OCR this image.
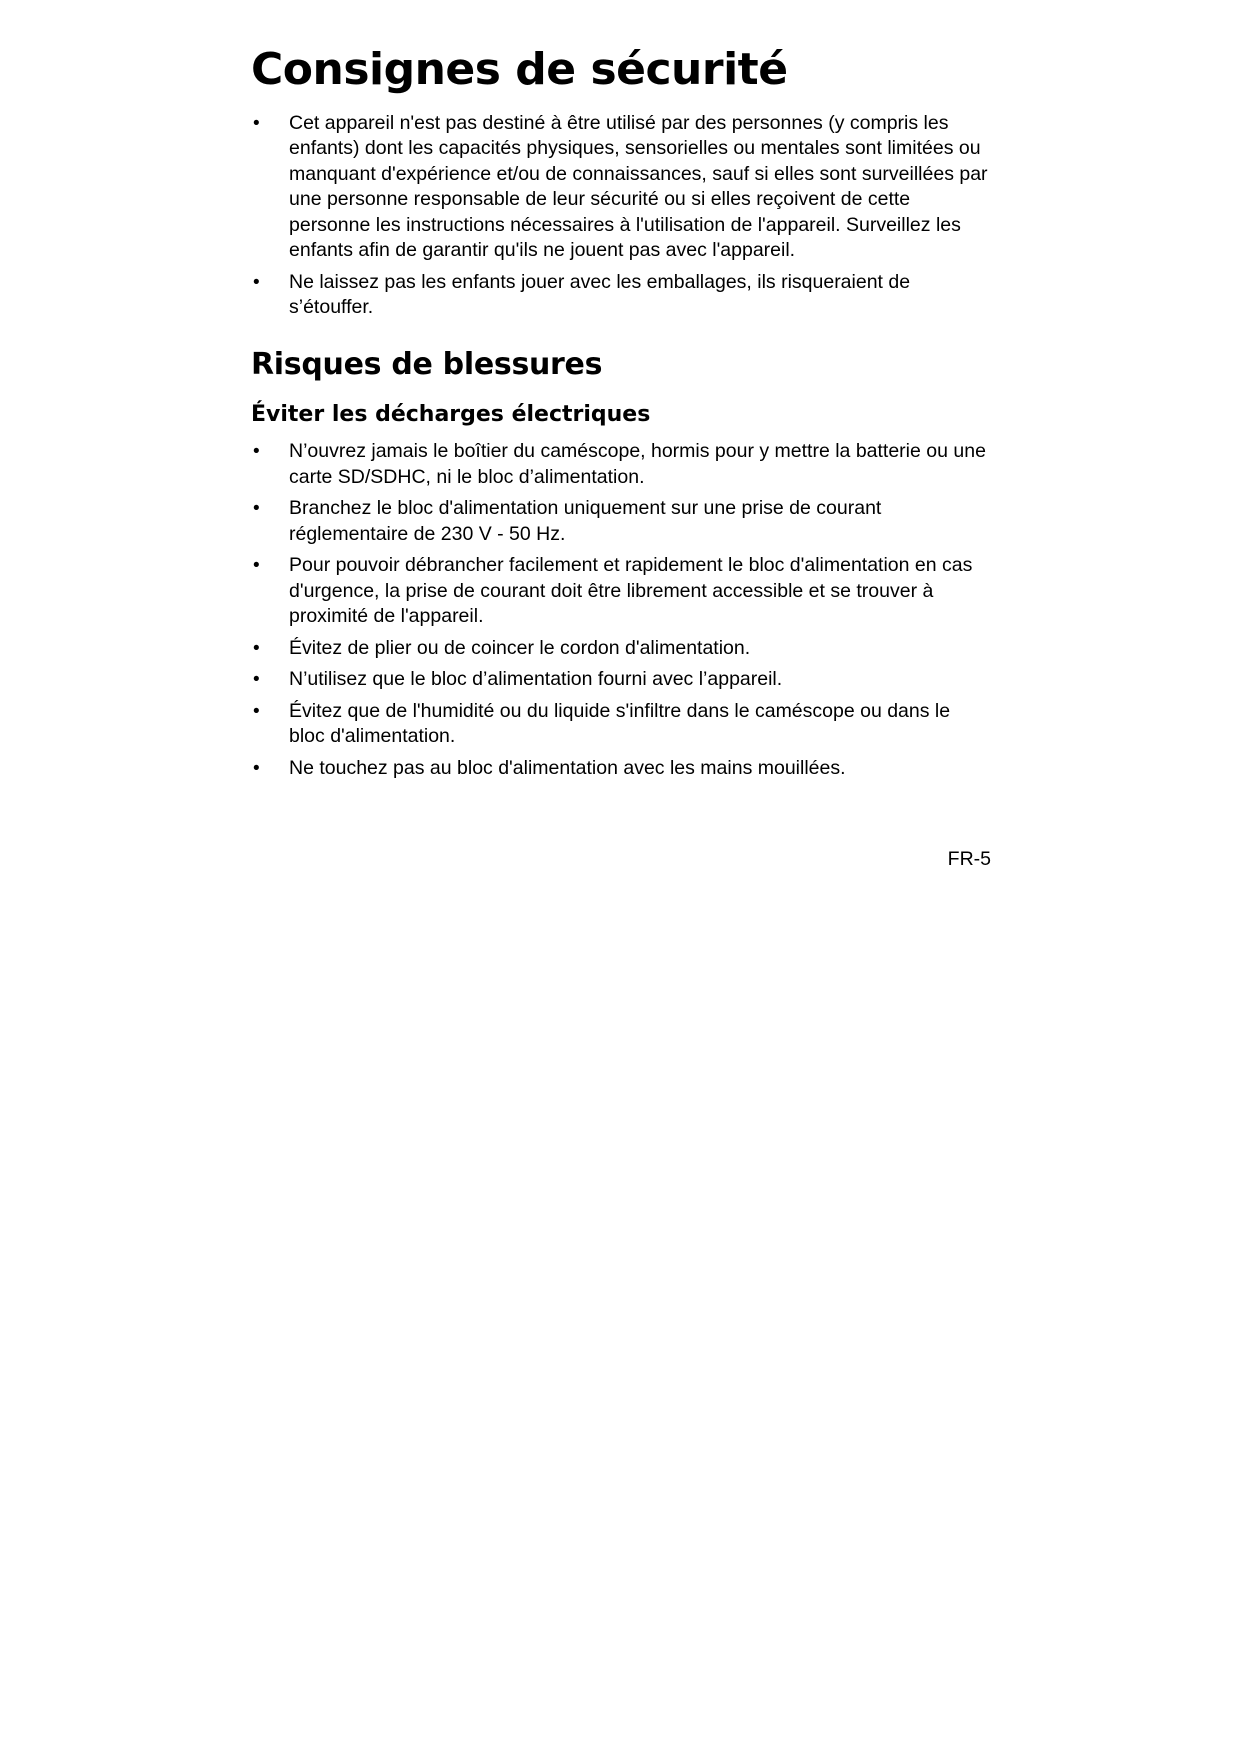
Consignes de sécurité
• Cet appareil n'est pas destiné à être utilisé par des personnes (y compris les enfants) dont les capacités physiques, sensorielles ou mentales sont limitées ou manquant d'expérience et/ou de connaissances, sauf si elles sont surveillées par une personne responsable de leur sécurité ou si elles reçoivent de cette personne les instructions nécessaires à l'utilisation de l'appareil. Surveillez les enfants afin de garantir qu'ils ne jouent pas avec l'appareil.
• Ne laissez pas les enfants jouer avec les emballages, ils risqueraient de s’étouffer.
Risques de blessures
Éviter les décharges électriques
• N’ouvrez jamais le boîtier du caméscope, hormis pour y mettre la batterie ou une carte SD/SDHC, ni le bloc d’alimentation.
• Branchez le bloc d'alimentation uniquement sur une prise de courant réglementaire de 230 V - 50 Hz.
• Pour pouvoir débrancher facilement et rapidement le bloc d'alimentation en cas d'urgence, la prise de courant doit être librement accessible et se trouver à proximité de l'appareil.
• Évitez de plier ou de coincer le cordon d'alimentation.
• N’utilisez que le bloc d’alimentation fourni avec l’appareil.
• Évitez que de l'humidité ou du liquide s'infiltre dans le caméscope ou dans le bloc d'alimentation.
• Ne touchez pas au bloc d'alimentation avec les mains mouillées.
FR-5
